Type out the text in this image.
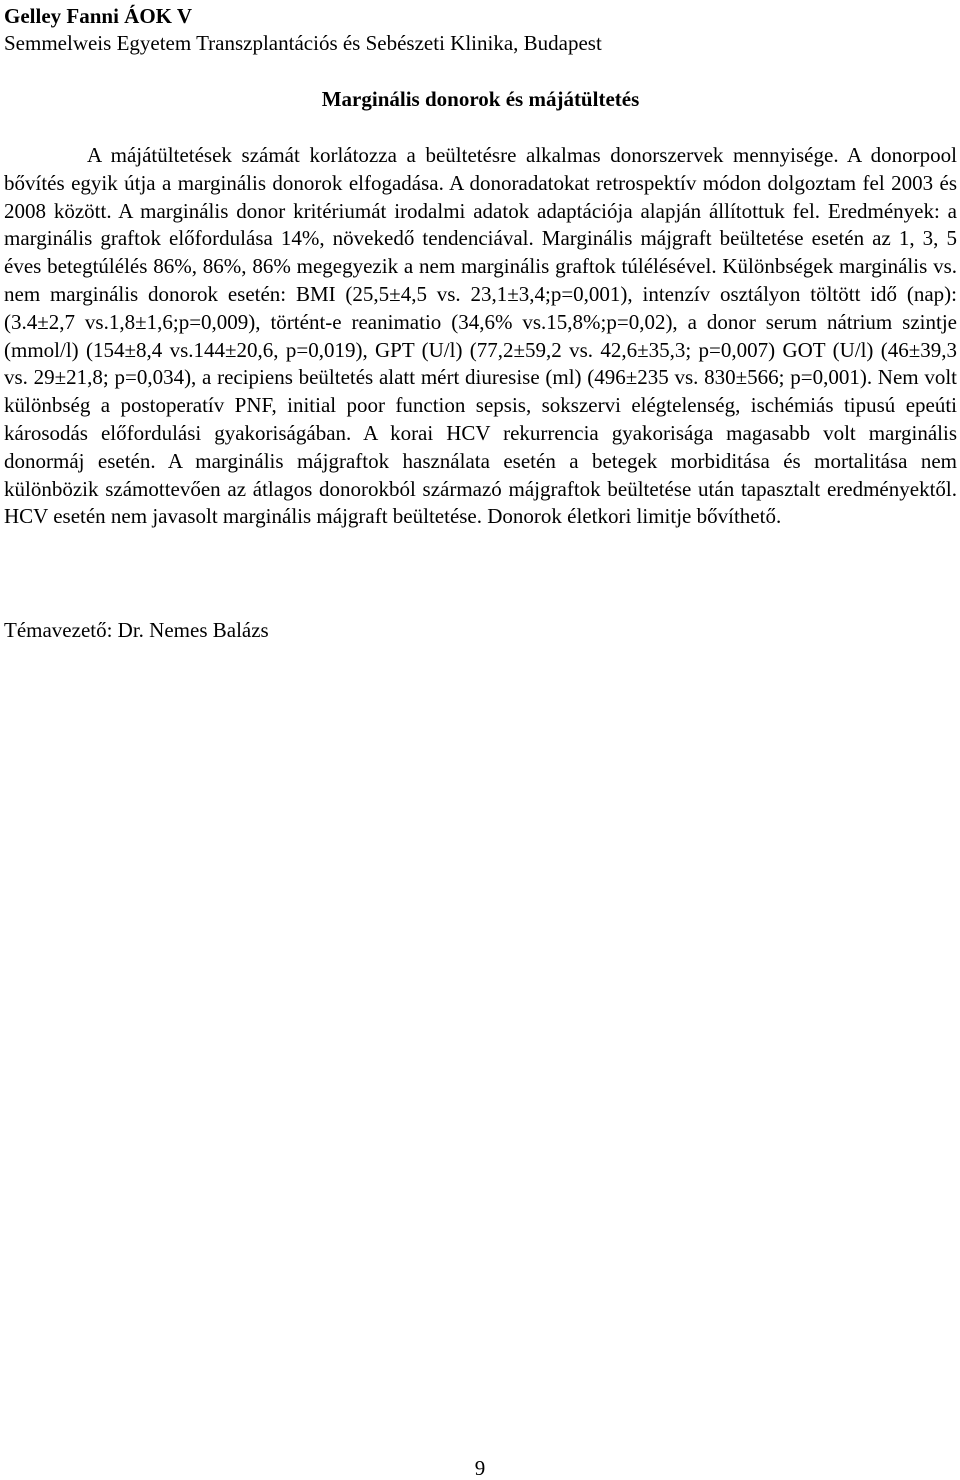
Gelley Fanni ÁOK V
Semmelweis Egyetem Transzplantációs és Sebészeti Klinika, Budapest
Marginális donorok és májátültetés

A májátültetések számát korlátozza a beültetésre alkalmas donorszervek mennyisége. A donorpool bővítés egyik útja a marginális donorok elfogadása. A donoradatokat retrospektív módon dolgoztam fel 2003 és 2008 között. A marginális donor kritériumát irodalmi adatok adaptációja alapján állítottuk fel. Eredmények: a marginális graftok előfordulása 14%, növekedő tendenciával. Marginális májgraft beültetése esetén az 1, 3, 5 éves betegtúlélés 86%, 86%, 86% megegyezik a nem marginális graftok túlélésével. Különbségek marginális vs. nem marginális donorok esetén: BMI (25,5±4,5 vs. 23,1±3,4;p=0,001), intenzív osztályon töltött idő (nap): (3.4±2,7 vs.1,8±1,6;p=0,009), történt-e reanimatio (34,6% vs.15,8%;p=0,02), a donor serum nátrium szintje (mmol/l) (154±8,4 vs.144±20,6, p=0,019), GPT (U/l) (77,2±59,2 vs. 42,6±35,3; p=0,007) GOT (U/l) (46±39,3 vs. 29±21,8; p=0,034), a recipiens beültetés alatt mért diuresise (ml) (496±235 vs. 830±566; p=0,001). Nem volt különbség a postoperatív PNF, initial poor function sepsis, sokszervi elégtelenség, ischémiás tipusú epeúti károsodás előfordulási gyakoriságában. A korai HCV rekurrencia gyakorisága magasabb volt marginális donormáj esetén. A marginális májgraftok használata esetén a betegek morbiditása és mortalitása nem különbözik számottevően az átlagos donorokból származó májgraftok beültetése után tapasztalt eredményektől. HCV esetén nem javasolt marginális májgraft beültetése. Donorok életkori limitje bővíthető.

Témavezető: Dr. Nemes Balázs
9
